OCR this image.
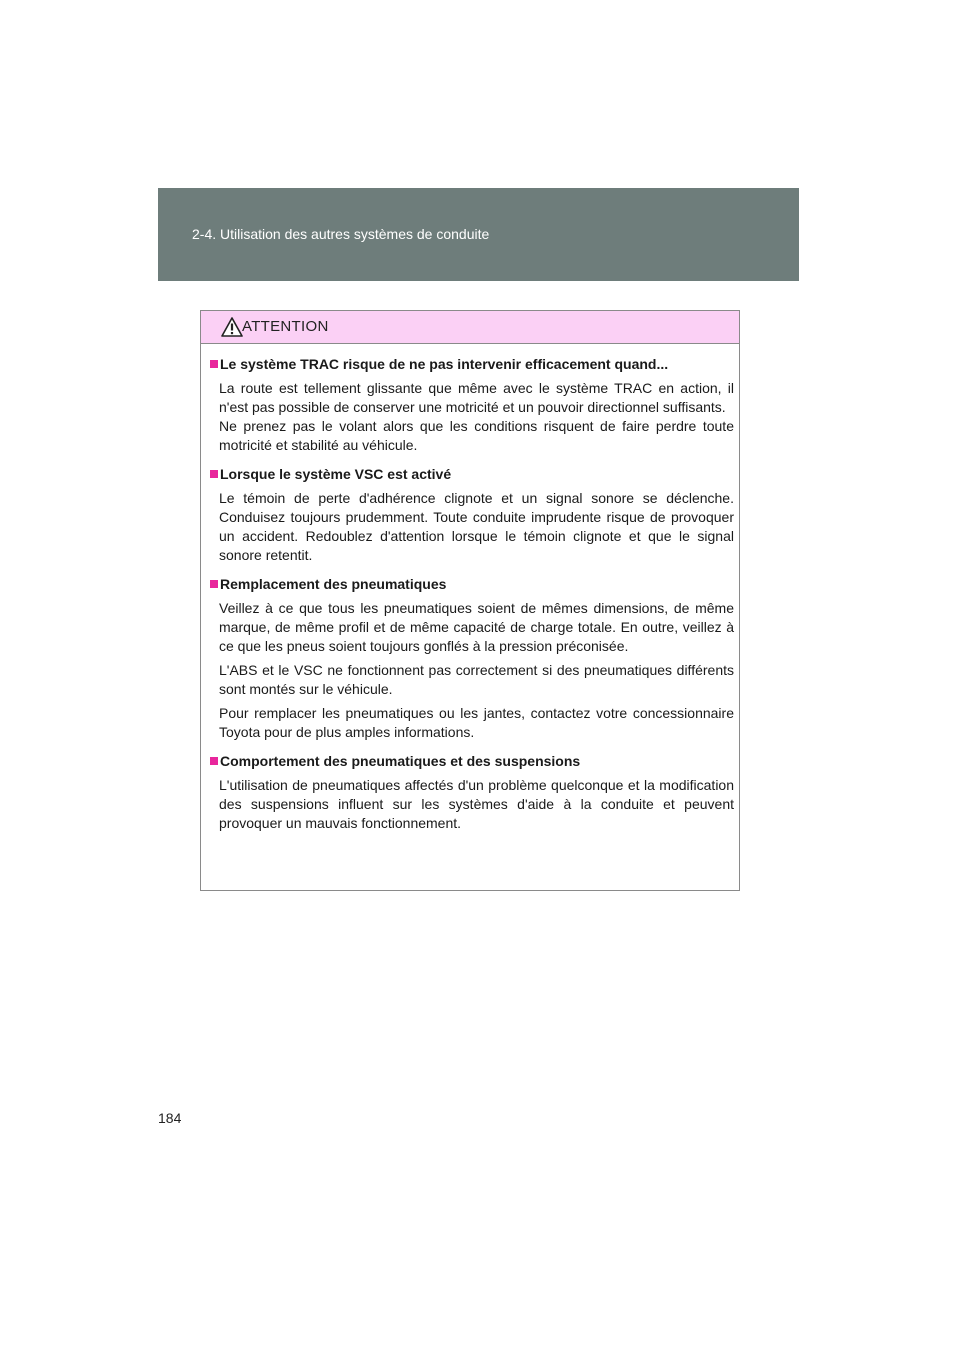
2-4. Utilisation des autres systèmes de conduite
ATTENTION
Le système TRAC risque de ne pas intervenir efficacement quand...

La route est tellement glissante que même avec le système TRAC en action, il n'est pas possible de conserver une motricité et un pouvoir directionnel suffisants.

Ne prenez pas le volant alors que les conditions risquent de faire perdre toute motricité et stabilité au véhicule.

Lorsque le système VSC est activé

Le témoin de perte d'adhérence clignote et un signal sonore se déclenche. Conduisez toujours prudemment. Toute conduite imprudente risque de provoquer un accident. Redoublez d'attention lorsque le témoin clignote et que le signal sonore retentit.

Remplacement des pneumatiques

Veillez à ce que tous les pneumatiques soient de mêmes dimensions, de même marque, de même profil et de même capacité de charge totale. En outre, veillez à ce que les pneus soient toujours gonflés à la pression préconisée.

L'ABS et le VSC ne fonctionnent pas correctement si des pneumatiques différents sont montés sur le véhicule.

Pour remplacer les pneumatiques ou les jantes, contactez votre concessionnaire Toyota pour de plus amples informations.

Comportement des pneumatiques et des suspensions

L'utilisation de pneumatiques affectés d'un problème quelconque et la modification des suspensions influent sur les systèmes d'aide à la conduite et peuvent provoquer un mauvais fonctionnement.

184
